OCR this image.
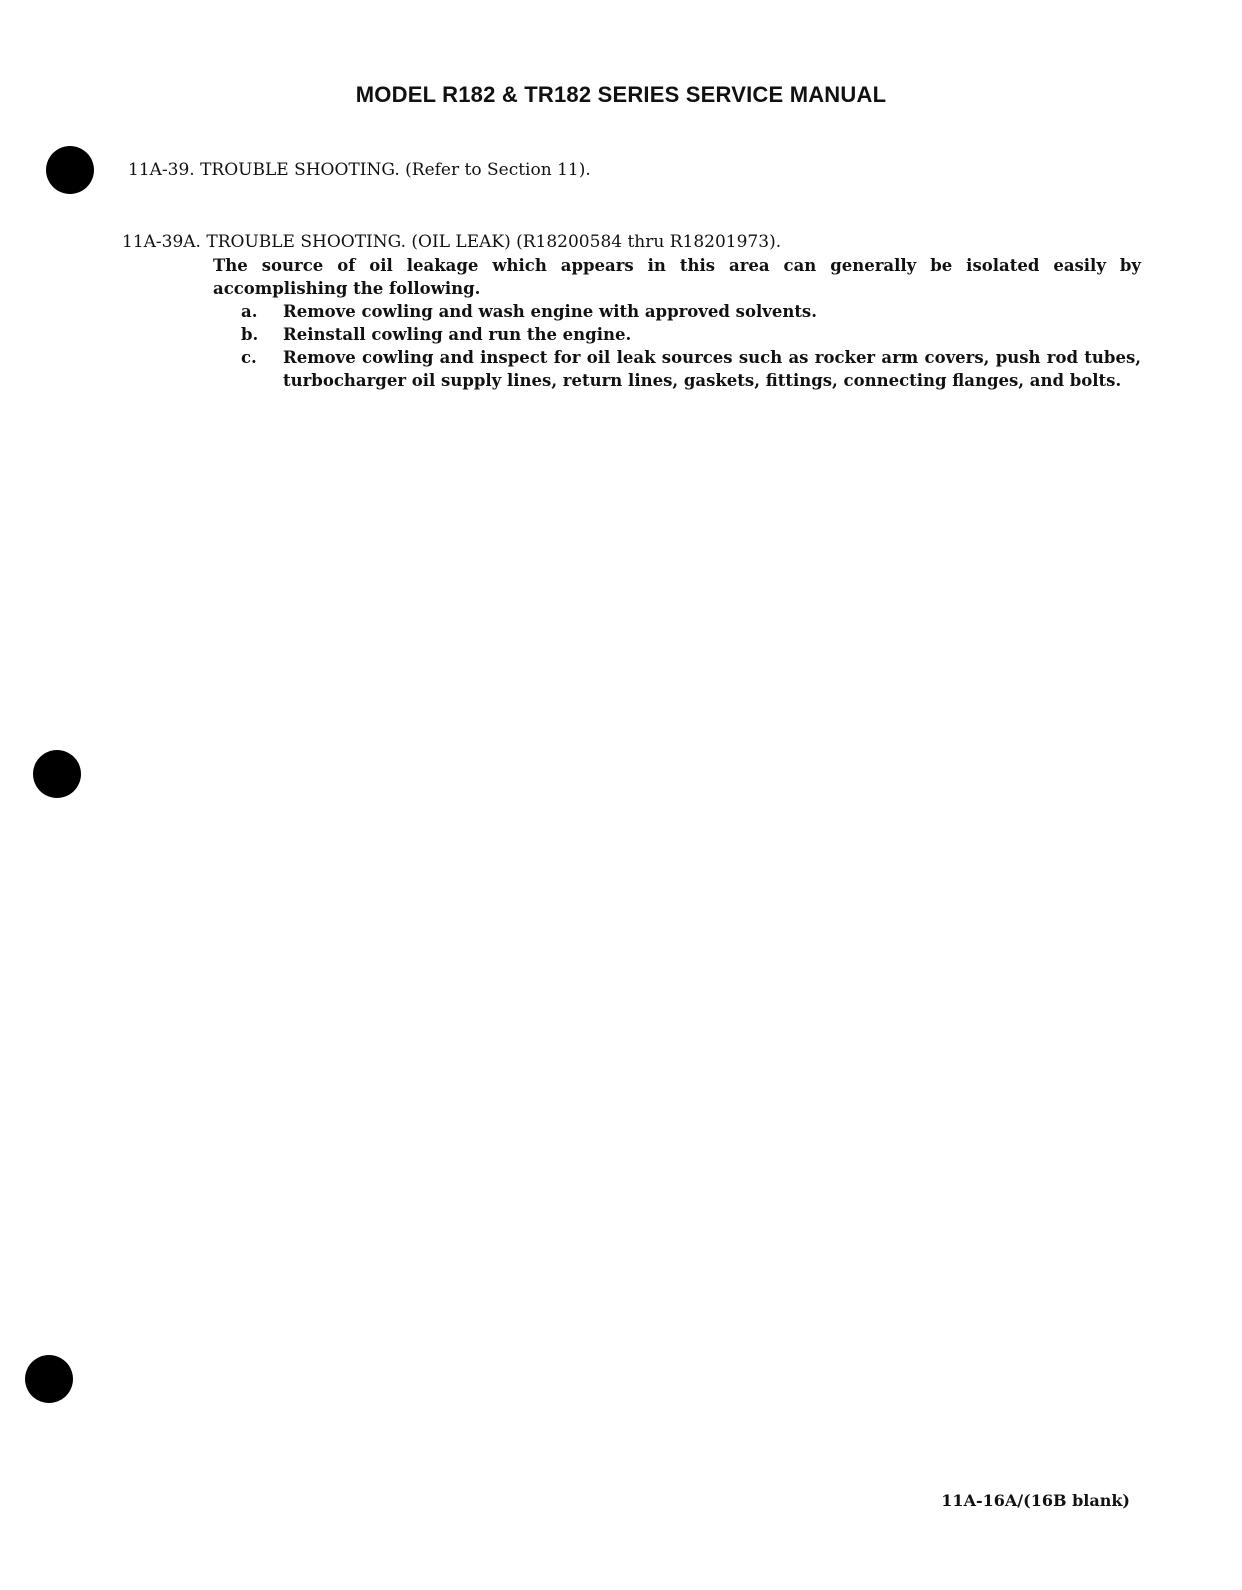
MODEL R182 & TR182 SERIES SERVICE MANUAL
11A-39. TROUBLE SHOOTING. (Refer to Section 11).
11A-39A. TROUBLE SHOOTING. (OIL LEAK) (R18200584 thru R18201973).
The source of oil leakage which appears in this area can generally be isolated easily by accomplishing the following.
a. Remove cowling and wash engine with approved solvents.
b. Reinstall cowling and run the engine.
c. Remove cowling and inspect for oil leak sources such as rocker arm covers, push rod tubes, turbocharger oil supply lines, return lines, gaskets, fittings, connecting flanges, and bolts.
11A-16A/(16B blank)
